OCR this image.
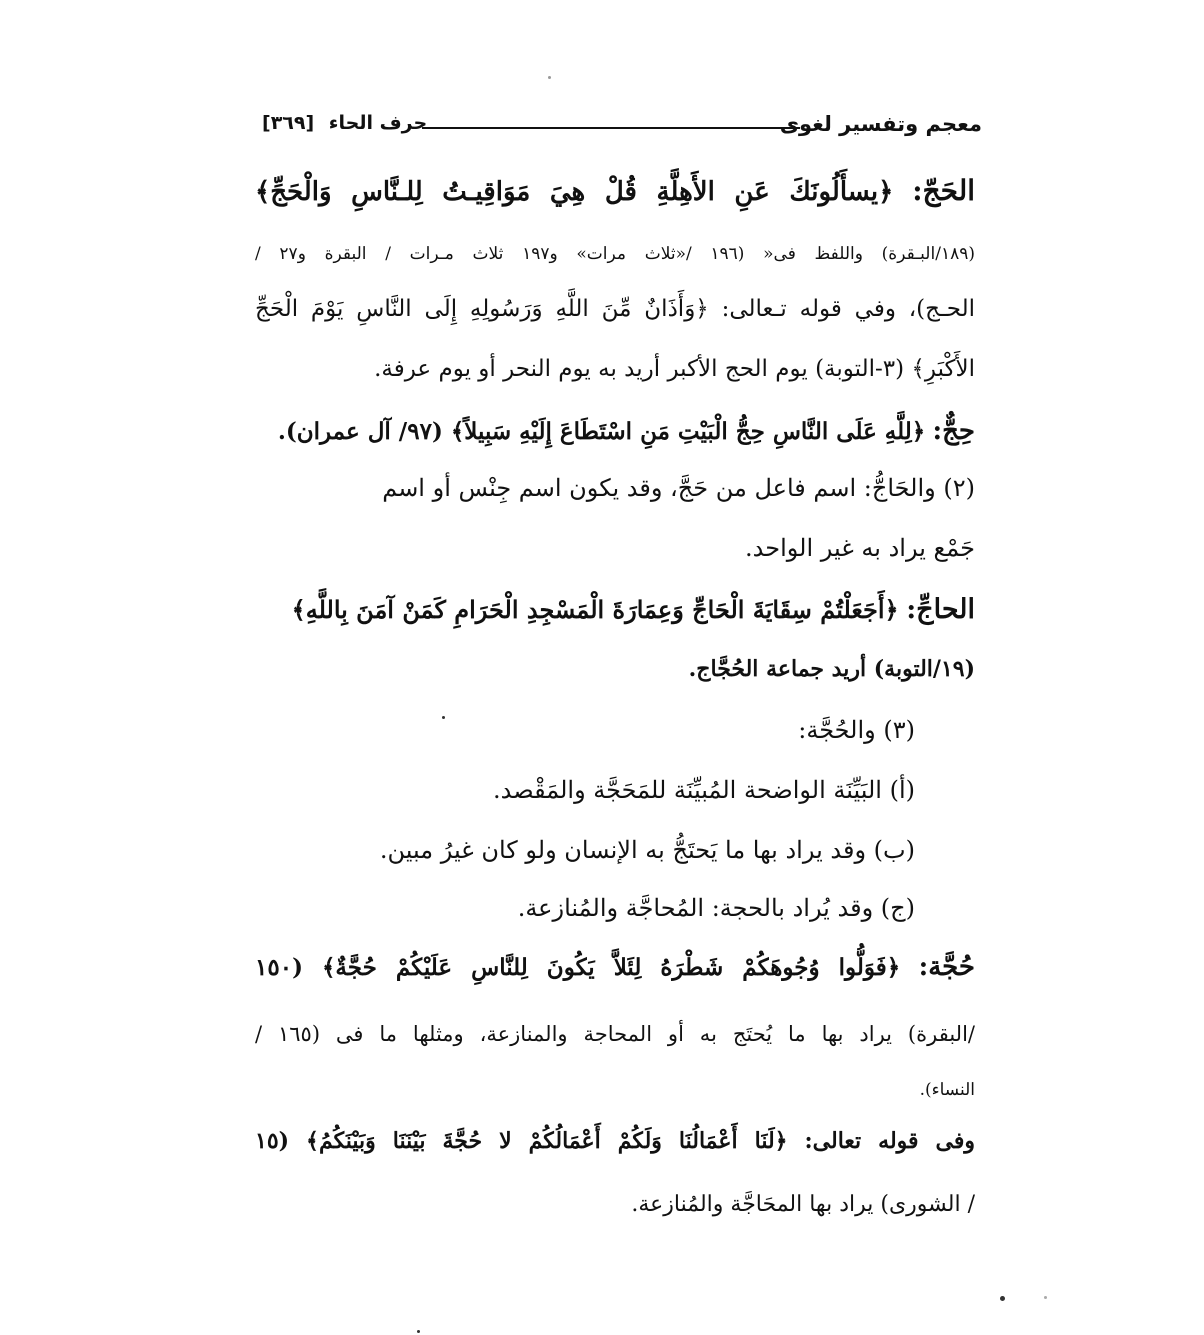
معجم وتفسير لغوى
حرف الحاء [٣٦٩]
الحَجّ: ﴿يسأَلُونَكَ عَنِ الأَهِلَّةِ قُلْ هِيَ مَوَاقِيـتُ لِلـنَّاسِ وَالْحَجِّ﴾
(١٨٩/البـقرة) واللفظ فى« (١٩٦ /«ثلاث مرات» و١٩٧ ثلاث مـرات / البقرة و٢٧ /
الحـج)، وفي قوله تـعالى: ﴿وَأَذَانٌ مِّنَ اللَّهِ وَرَسُولِهِ إِلَى النَّاسِ يَوْمَ الْحَجِّ
الأَكْبَرِ﴾ (٣-التوبة) يوم الحج الأكبر أريد به يوم النحر أو يوم عرفة.
حِجٌّ: ﴿لِلَّهِ عَلَى النَّاسِ حِجُّ الْبَيْتِ مَنِ اسْتَطَاعَ إِلَيْهِ سَبِيلاً﴾ (٩٧/ آل عمران).
(٢) والحَاجُّ: اسم فاعل من حَجَّ، وقد يكون اسم جِنْس أو اسم
جَمْع يراد به غير الواحد.
الحاجِّ: ﴿أَجَعَلْتُمْ سِقَايَةَ الْحَاجِّ وَعِمَارَةَ الْمَسْجِدِ الْحَرَامِ كَمَنْ آمَنَ بِاللَّهِ﴾
(١٩/التوبة) أريد جماعة الحُجَّاج.
(٣) والحُجَّة:
(أ) البَيِّنَة الواضحة المُبيِّنَة للمَحَجَّة والمَقْصد.
(ب) وقد يراد بها ما يَحتَجُّ به الإنسان ولو كان غيرُ مبين.
(ج) وقد يُراد بالحجة: المُحاجَّة والمُنازعة.
حُجَّة: ﴿فَوَلُّوا وُجُوهَكُمْ شَطْرَهُ لِئَلاَّ يَكُونَ لِلنَّاسِ عَلَيْكُمْ حُجَّةٌ﴾ (١٥٠
/البقرة) يراد بها ما يُحتَج به أو المحاجة والمنازعة، ومثلها ما فى (١٦٥ /
النساء).
وفى قوله تعالى: ﴿لَنَا أَعْمَالُنَا وَلَكُمْ أَعْمَالُكُمْ لا حُجَّةَ بَيْنَنَا وَبَيْنَكُمُ﴾ (١٥
/ الشورى) يراد بها المحَاجَّة والمُنازعة.
